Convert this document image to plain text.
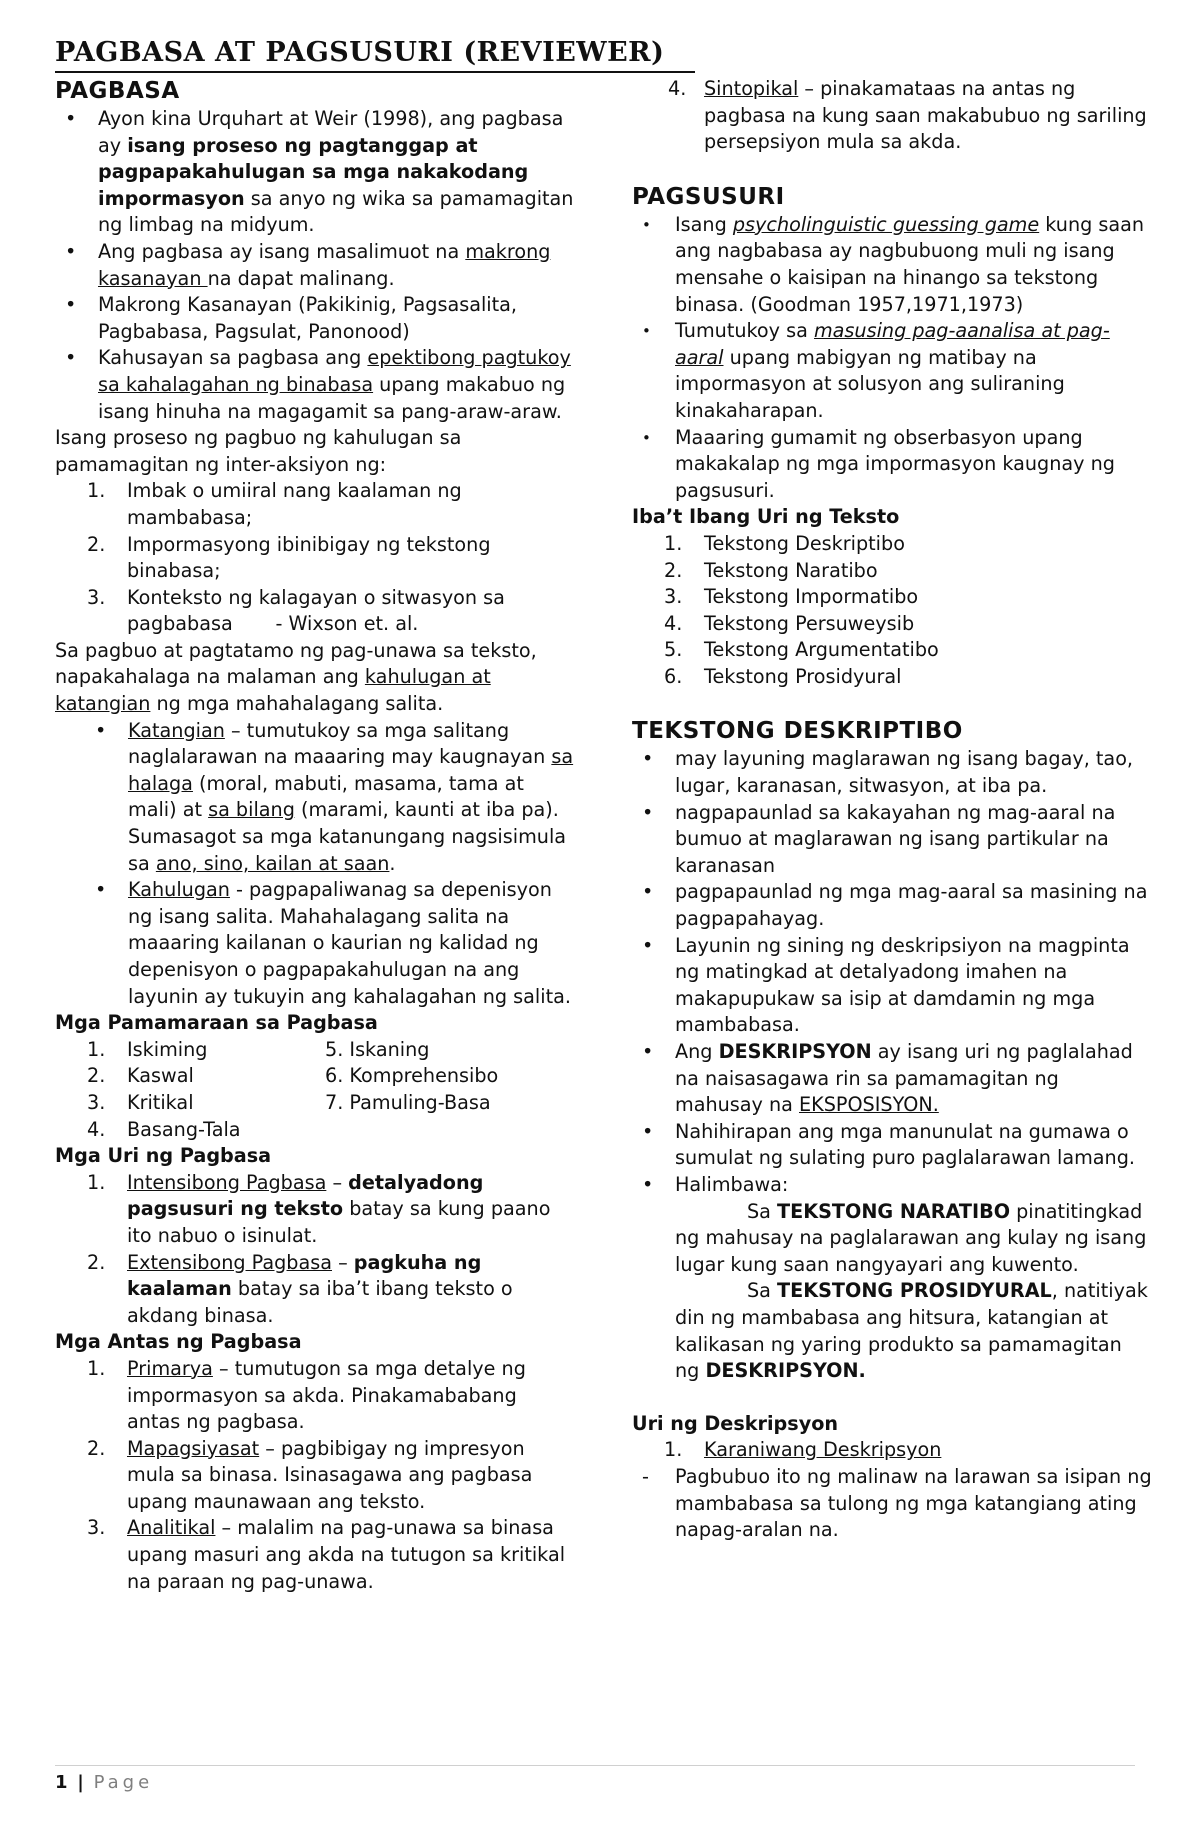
PAGBASA AT PAGSUSURI (REVIEWER)
PAGBASA
• Ayon kina Urquhart at Weir (1998), ang pagbasa ay isang proseso ng pagtanggap at pagpapakahulugan sa mga nakakodang impormasyon sa anyo ng wika sa pamamagitan ng limbag na midyum.
• Ang pagbasa ay isang masalimuot na makrong kasanayan na dapat malinang.
• Makrong Kasanayan (Pakikinig, Pagsasalita, Pagbabasa, Pagsulat, Panonood)
• Kahusayan sa pagbasa ang epektibong pagtukoy sa kahalagahan ng binabasa upang makabuo ng isang hinuha na magagamit sa pang-araw-araw.

Isang proseso ng pagbuo ng kahulugan sa pamamagitan ng inter-aksiyon ng:

1. Imbak o umiiral nang kaalaman ng mambabasa;
2. Impormasyong ibinibigay ng tekstong binabasa;
3. Konteksto ng kalagayan o sitwasyon sa pagbabasa       - Wixson et. al.

Sa pagbuo at pagtatamo ng pag-unawa sa teksto, napakahalaga na malaman ang kahulugan at katangian ng mga mahahalagang salita.

• Katangian – tumutukoy sa mga salitang naglalarawan na maaaring may kaugnayan sa halaga (moral, mabuti, masama, tama at mali) at sa bilang (marami, kaunti at iba pa). Sumasagot sa mga katanungang nagsisimula sa ano, sino, kailan at saan.
• Kahulugan - pagpapaliwanag sa depenisyon ng isang salita. Mahahalagang salita na maaaring kailanan o kaurian ng kalidad ng depenisyon o pagpapakahulugan na ang layunin ay tukuyin ang kahalagahan ng salita.
Mga Pamamaraan sa Pagbasa
1. Iskiming
2. Kaswal
3. Kritikal
4. Basang-Tala
5. Iskaning
6. Komprehensibo
7. Pamuling-Basa
Mga Uri ng Pagbasa
1. Intensibong Pagbasa – detalyadong pagsusuri ng teksto batay sa kung paano ito nabuo o isinulat.
2. Extensibong Pagbasa – pagkuha ng kaalaman batay sa iba’t ibang teksto o akdang binasa.
Mga Antas ng Pagbasa
1. Primarya – tumutugon sa mga detalye ng impormasyon sa akda. Pinakamababang antas ng pagbasa.
2. Mapagsiyasat – pagbibigay ng impresyon mula sa binasa. Isinasagawa ang pagbasa upang maunawaan ang teksto.
3. Analitikal – malalim na pag-unawa sa binasa upang masuri ang akda na tutugon sa kritikal na paraan ng pag-unawa.
4. Sintopikal – pinakamataas na antas ng pagbasa na kung saan makabubuo ng sariling persepsiyon mula sa akda.
PAGSUSURI
• Isang psycholinguistic guessing game kung saan ang nagbabasa ay nagbubuong muli ng isang mensahe o kaisipan na hinango sa tekstong binasa. (Goodman 1957,1971,1973)
• Tumutukoy sa masusing pag-aanalisa at pag-aaral upang mabigyan ng matibay na impormasyon at solusyon ang suliraning kinakaharapan.
• Maaaring gumamit ng obserbasyon upang makakalap ng mga impormasyon kaugnay ng pagsusuri.
Iba’t Ibang Uri ng Teksto
1. Tekstong Deskriptibo
2. Tekstong Naratibo
3. Tekstong Impormatibo
4. Tekstong Persuweysib
5. Tekstong Argumentatibo
6. Tekstong Prosidyural
TEKSTONG DESKRIPTIBO
• may layuning maglarawan ng isang bagay, tao, lugar, karanasan, sitwasyon, at iba pa.
• nagpapaunlad sa kakayahan ng mag-aaral na bumuo at maglarawan ng isang partikular na karanasan
• pagpapaunlad ng mga mag-aaral sa masining na pagpapahayag.
• Layunin ng sining ng deskripsiyon na magpinta ng matingkad at detalyadong imahen na makapupukaw sa isip at damdamin ng mga mambabasa.
• Ang DESKRIPSYON ay isang uri ng paglalahad na naisasagawa rin sa pamamagitan ng mahusay na EKSPOSISYON.
• Nahihirapan ang mga manunulat na gumawa o sumulat ng sulating puro paglalarawan lamang.
• Halimbawa:
Sa TEKSTONG NARATIBO pinatitingkad ng mahusay na paglalarawan ang kulay ng isang lugar kung saan nangyayari ang kuwento.
Sa TEKSTONG PROSIDYURAL, natitiyak din ng mambabasa ang hitsura, katangian at kalikasan ng yaring produkto sa pamamagitan ng DESKRIPSYON.
Uri ng Deskripsyon
1. Karaniwang Deskripsyon
- Pagbubuo ito ng malinaw na larawan sa isipan ng mambabasa sa tulong ng mga katangiang ating napag-aralan na.
1 | Page
